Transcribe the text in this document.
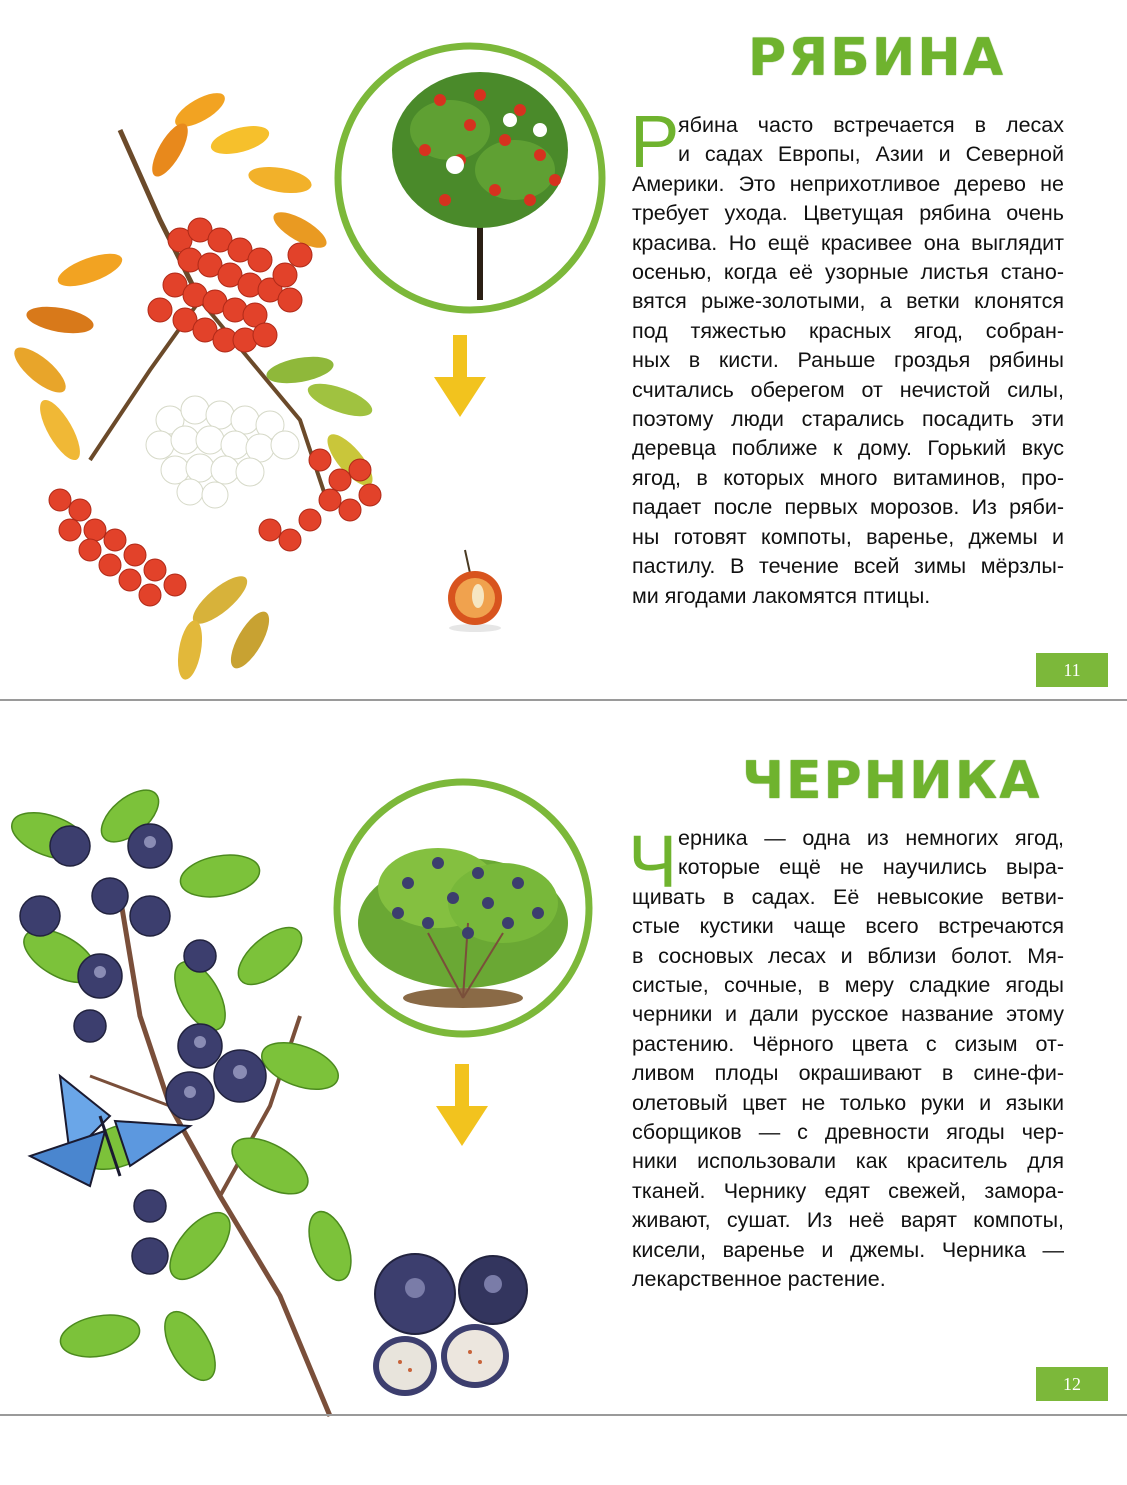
РЯБИНА
Р
ябина часто встречается в лесах
и садах Европы, Азии и Северной
Америки. Это неприхотливое дерево не
требует ухода. Цветущая рябина очень
красива. Но ещё красивее она выглядит
осенью, когда её узорные листья стано-
вятся рыже-золотыми, а ветки клонятся
под тяжестью красных ягод, собран-
ных в кисти. Раньше гроздья рябины
считались оберегом от нечистой силы,
поэтому люди старались посадить эти
деревца поближе к дому. Горький вкус
ягод, в которых много витаминов, про-
падает после первых морозов. Из ряби-
ны готовят компоты, варенье, джемы и
пастилу. В течение всей зимы мёрзлы-
ми ягодами лакомятся птицы.
11
ЧЕРНИКА
Ч ерника — одна из немногих ягод,
которые ещё не научились выра-
щивать в садах. Её невысокие ветви-
стые кустики чаще всего встречаются
в сосновых лесах и вблизи болот. Мя-
систые, сочные, в меру сладкие ягоды
черники и дали русское название этому
растению. Чёрного цвета с сизым от-
ливом плоды окрашивают в сине-фи-
олетовый цвет не только руки и языки
сборщиков — с древности ягоды чер-
ники использовали как краситель для
тканей. Чернику едят свежей, замора-
живают, сушат. Из неё варят компоты,
кисели, варенье и джемы. Черника —
лекарственное растение.
12
